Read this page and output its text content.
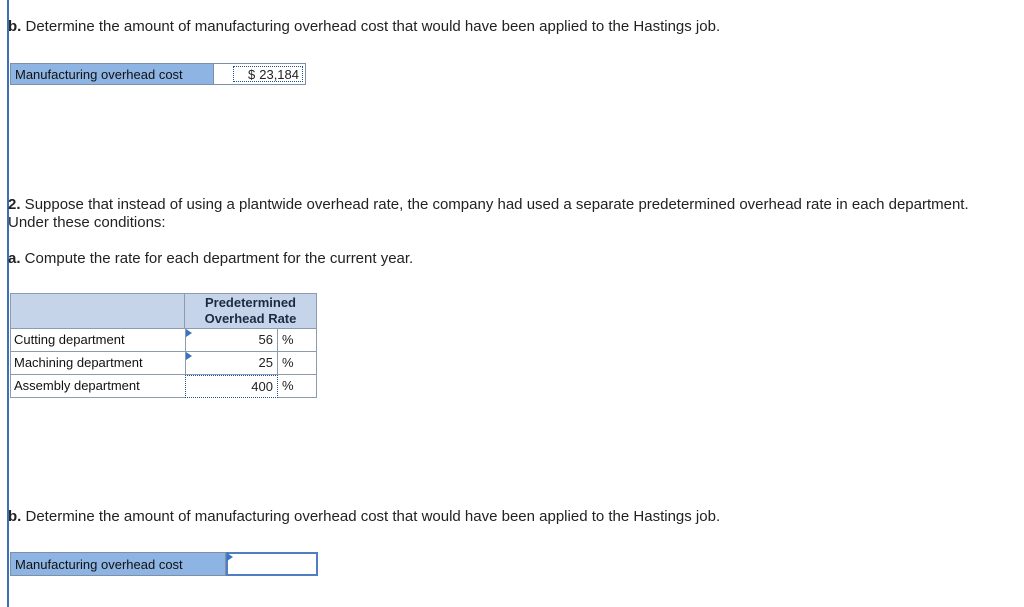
b. Determine the amount of manufacturing overhead cost that would have been applied to the Hastings job.
Manufacturing overhead cost	$ 23,184
2. Suppose that instead of using a plantwide overhead rate, the company had used a separate predetermined overhead rate in each department. Under these conditions:
a. Compute the rate for each department for the current year.
Predetermined
Overhead Rate
Cutting department	56 %
Machining department	25 %
Assembly department	400 %
b. Determine the amount of manufacturing overhead cost that would have been applied to the Hastings job.
Manufacturing overhead cost
